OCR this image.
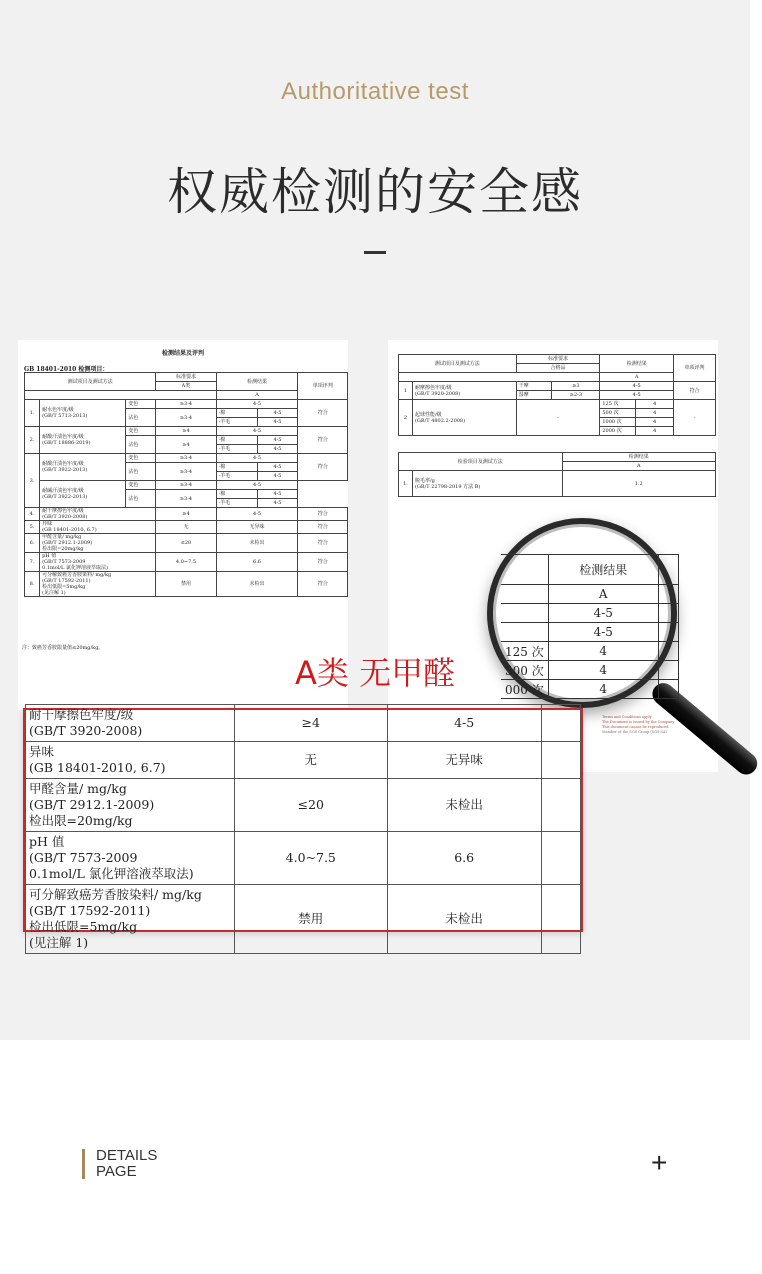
Authoritative test
权威检测的安全感
检测结果及评判
GB 18401-2010 检测项目：
测试项目及测试方法			标准要求	检测结果		单项评判
			A类			
				A		
1.	耐水色牢度/级
(GB/T 5713-2013)	变色	≥3-4	4-5		符合
		沾色	≥3-4	-棉	4-5	
				-羊毛	4-5	
2.	耐酸汗渍色牢度/级
(GB/T 18886-2019)	变色	≥4	4-5		符合
		沾色	≥4	-棉	4-5	
				-羊毛	4-5	
3.	耐酸汗渍色牢度/级
(GB/T 3922-2013)	变色	≥3-4	4-5		符合
		沾色	≥3-4	-棉	4-5	
				-羊毛	4-5	
	耐碱汗渍色牢度/级
(GB/T 3922-2013)	变色	≥3-4	4-5		
		沾色	≥3-4	-棉	4-5	
				-羊毛	4-5	
4.	耐干摩擦色牢度/级
(GB/T 3920-2008)		≥4	4-5		符合
5.	异味
(GB 18401-2010, 6.7)		无	无异味		符合
6.	甲醛含量/ mg/kg
(GB/T 2912.1-2009)
检出限=20mg/kg		≤20	未检出		符合
7.	pH 值
(GB/T 7573-2009
0.1mol/L 氯化钾溶液萃取法)		4.0~7.5	6.6		符合
8.	可分解致癌芳香胺染料/ mg/kg
(GB/T 17592-2011)
检出低限=5mg/kg
(见注解 1)		禁用	未检出		符合
注：致癌芳香胺限量值≤20mg/kg。
测试项目及测试方法		标准要求		检测结果		单项评判
		合格品				
				A		
1	耐摩擦色牢度/级
(GB/T 3920-2008)	干摩	≥3	4-5		符合
		湿摩	≥2-3	4-5		
2	起球性能/级
(GB/T 4802.2-2008)	-		125 次	4	-
				500 次	4	
				1000 次	4	
				2000 次	4	
检验项目及测试方法		检测结果
		A
1.	脱毛率/g
(GB/T 22798-2019 方法 B)	1.2
Terms and Conditions apply
The Document is issued by the Company
This document cannot be reproduced
Member of the SGS Group (SGS SA)
	检测结果	
	A	
	4-5	
	4-5	
125 次	4	
500 次	4	
000 次	4	
A类 无甲醛
耐干摩擦色牢度/级
(GB/T 3920-2008)	≥4	4-5	
异味
(GB 18401-2010, 6.7)	无	无异味	
甲醛含量/ mg/kg
(GB/T 2912.1-2009)
检出限=20mg/kg	≤20	未检出	
pH 值
(GB/T 7573-2009
0.1mol/L 氯化钾溶液萃取法)	4.0~7.5	6.6	
可分解致癌芳香胺染料/ mg/kg
(GB/T 17592-2011)
检出低限=5mg/kg
(见注解 1)	禁用	未检出	
DETAILS
PAGE	+
